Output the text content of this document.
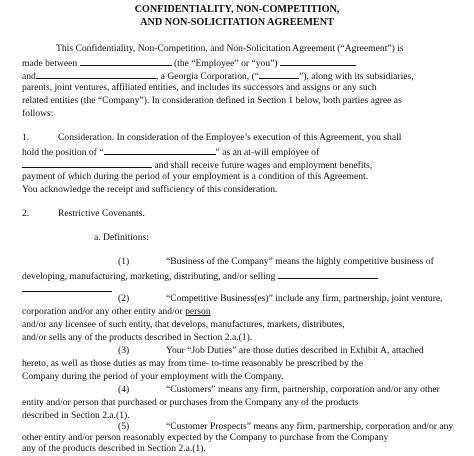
CONFIDENTIALITY, NON-COMPETITION,
AND NON-SOLICITATION AGREEMENT
This Confidentiality, Non-Competition, and Non-Solicitation Agreement (“Agreement”) is
made between	(the “Employee” or “you”)
and	, a Georgia Corporation, (“	”), along with its subsidiaries,
parents, joint ventures, affiliated entities, and includes its successors and assigns or any such
related entities (the “Company”). In consideration defined in Section 1 below, both parties agree as
follows:
1.	Consideration. In consideration of the Employee’s execution of this Agreement, you shall
hold the position of “	” as an at-will employee of
and shall receive future wages and employment benefits,
payment of which during the period of your employment is a condition of this Agreement.
You acknowledge the receipt and sufficiency of this consideration.
2.	Restrictive Covenants.
a. Definitions:
(1)	“Business of the Company” means the highly competitive business of
developing, manufacturing, marketing, distributing, and/or selling
(2)	“Competitive Business(es)” include any firm, partnership, joint venture,
corporation and/or any other entity and/or person
and/or any licensee of such entity, that develops, manufactures, markets, distributes,
and/or sells any of the products described in Section 2.a.(1).
(3)	Your “Job Duties” are those duties described in Exhibit A, attached
hereto, as well as those duties as may from time- to-time reasonably be prescribed by the
Company during the period of your employment with the Company.
(4)	“Customers” means any firm, partnership, corporation and/or any other
entity and/or person that purchased or purchases from the Company any of the products
described in Section 2.a.(1).
(5)	“Customer Prospects” means any firm, partnership, corporation and/or any
other entity and/or person reasonably expected by the Company to purchase from the Company
any of the products described in Section 2.a.(1).
